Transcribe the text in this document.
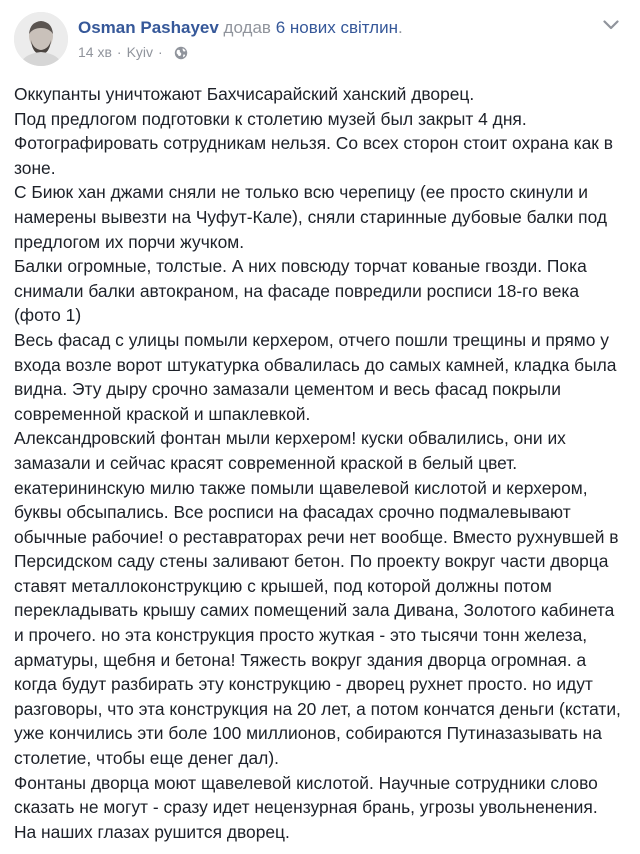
Osman Pashayev додав 6 нових світлин.
14 хв · Kyiv ·

Оккупанты уничтожают Бахчисарайский ханский дворец.

Под предлогом подготовки к столетию музей был закрыт 4 дня.

Фотографировать сотрудникам нельзя. Со всех сторон стоит охрана как в зоне.

С Биюк хан джами сняли не только всю черепицу (ее просто скинули и намерены вывезти на Чуфут-Кале), сняли старинные дубовые балки под предлогом их порчи жучком.

Балки огромные, толстые. А них повсюду торчат кованые гвозди. Пока снимали балки автокраном, на фасаде повредили росписи 18-го века (фото 1)

Весь фасад с улицы помыли керхером, отчего пошли трещины и прямо у входа возле ворот штукатурка обвалилась до самых камней, кладка была видна. Эту дыру срочно замазали цементом и весь фасад покрыли современной краской и шпаклевкой.

Александровский фонтан мыли керхером! куски обвалились, они их замазали и сейчас красят современной краской в белый цвет. екатерининскую милю также помыли щавелевой кислотой и керхером, буквы обсыпались. Все росписи на фасадах срочно подмалевывают обычные рабочие! о реставраторах речи нет вообще. Вместо рухнувшей в Персидском саду стены заливают бетон. По проекту вокруг части дворца ставят металлоконструкцию с крышей, под которой должны потом перекладывать крышу самих помещений зала Дивана, Золотого кабинета и прочего. но эта конструкция просто жуткая - это тысячи тонн железа, арматуры, щебня и бетона! Тяжесть вокруг здания дворца огромная. а когда будут разбирать эту конструкцию - дворец рухнет просто. но идут разговоры, что эта конструкция на 20 лет, а потом кончатся деньги (кстати, уже кончились эти боле 100 миллионов, собираются Путиназазывать на столетие, чтобы еще денег дал).

Фонтаны дворца моют щавелевой кислотой. Научные сотрудники слово сказать не могут - сразу идет нецензурная брань, угрозы увольненения.

На наших глазах рушится дворец.
